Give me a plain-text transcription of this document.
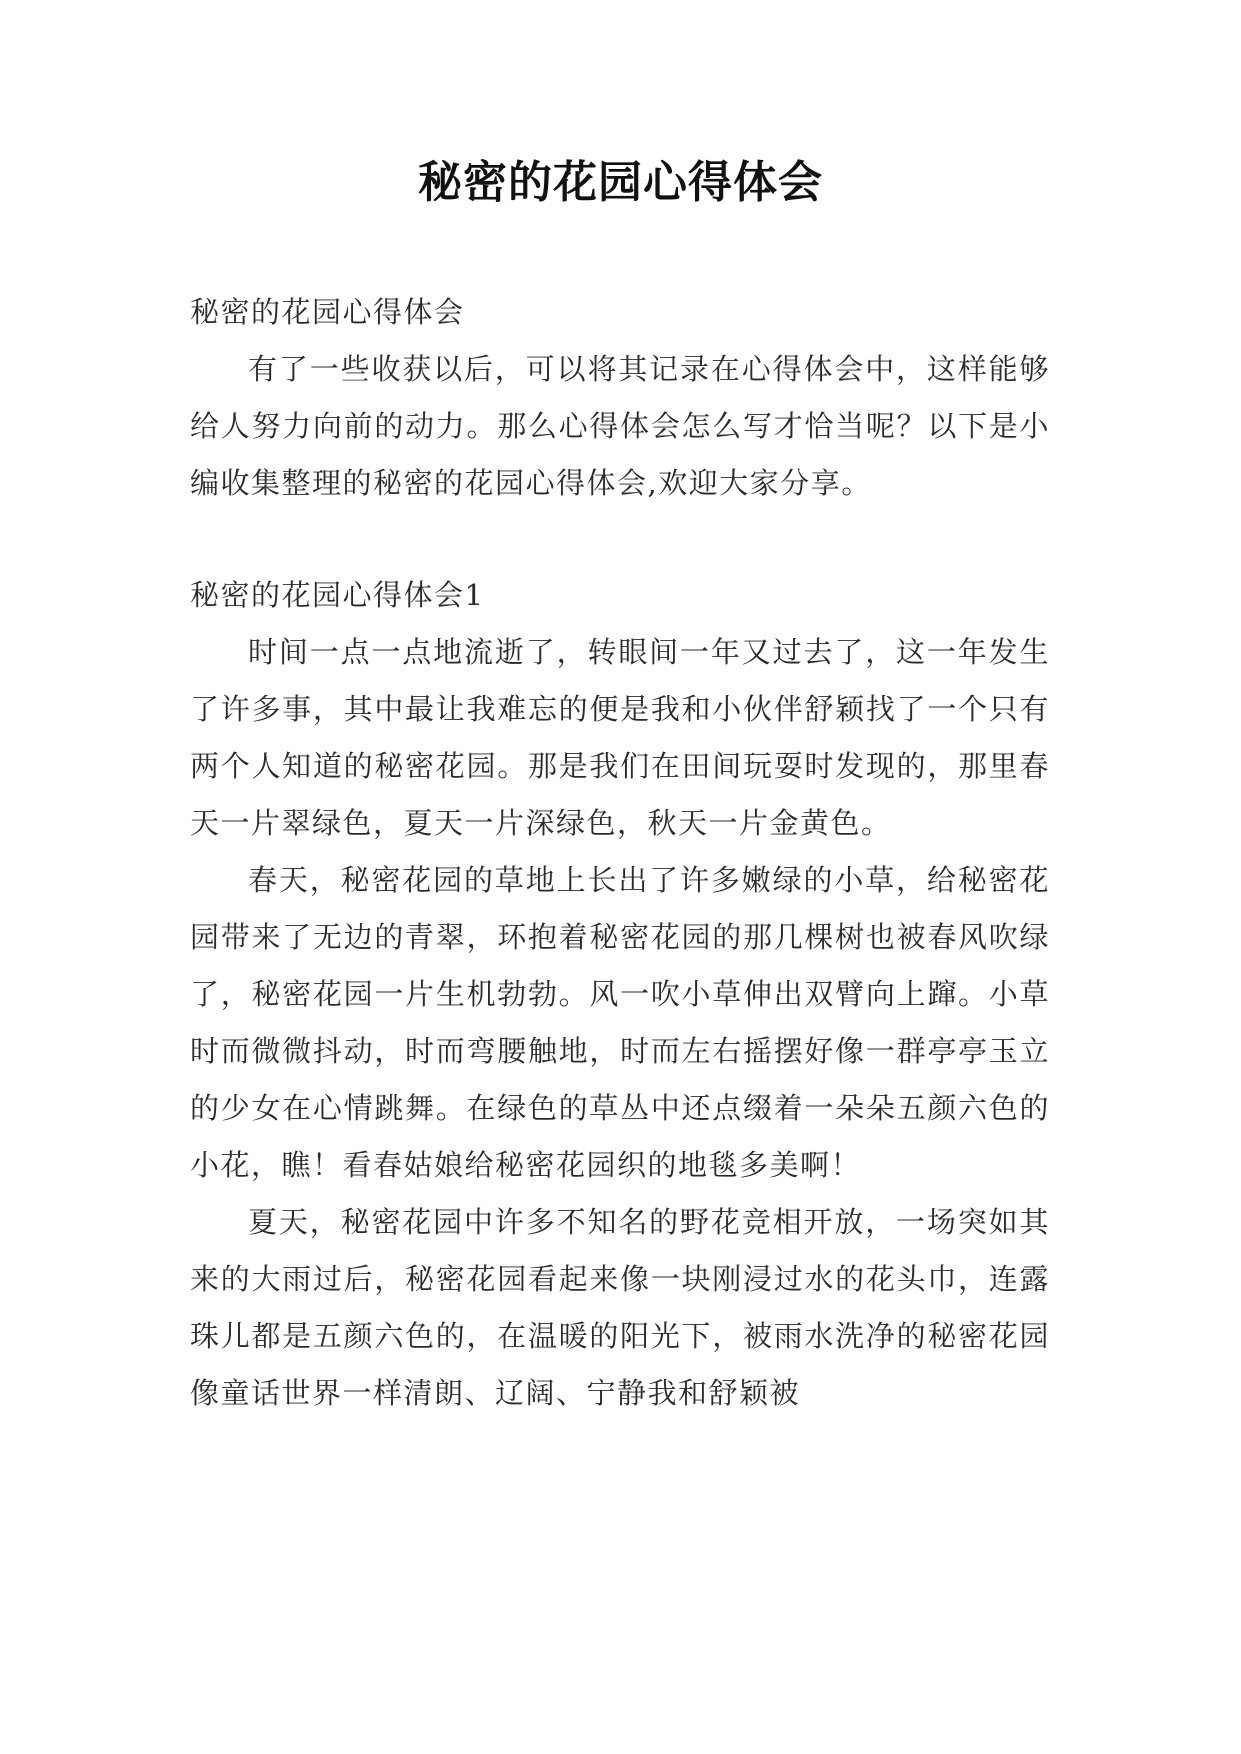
秘密的花园心得体会

秘密的花园心得体会

有了一些收获以后，可以将其记录在心得体会中，这样能够给人努力向前的动力。那么心得体会怎么写才恰当呢？以下是小编收集整理的秘密的花园心得体会,欢迎大家分享。

秘密的花园心得体会1

时间一点一点地流逝了，转眼间一年又过去了，这一年发生了许多事，其中最让我难忘的便是我和小伙伴舒颖找了一个只有两个人知道的秘密花园。那是我们在田间玩耍时发现的，那里春天一片翠绿色，夏天一片深绿色，秋天一片金黄色。

春天，秘密花园的草地上长出了许多嫩绿的小草，给秘密花园带来了无边的青翠，环抱着秘密花园的那几棵树也被春风吹绿了，秘密花园一片生机勃勃。风一吹小草伸出双臂向上蹿。小草时而微微抖动，时而弯腰触地，时而左右摇摆好像一群亭亭玉立的少女在心情跳舞。在绿色的草丛中还点缀着一朵朵五颜六色的小花，瞧！看春姑娘给秘密花园织的地毯多美啊！

夏天，秘密花园中许多不知名的野花竞相开放，一场突如其来的大雨过后，秘密花园看起来像一块刚浸过水的花头巾，连露珠儿都是五颜六色的，在温暖的阳光下，被雨水洗净的秘密花园像童话世界一样清朗、辽阔、宁静我和舒颖被
